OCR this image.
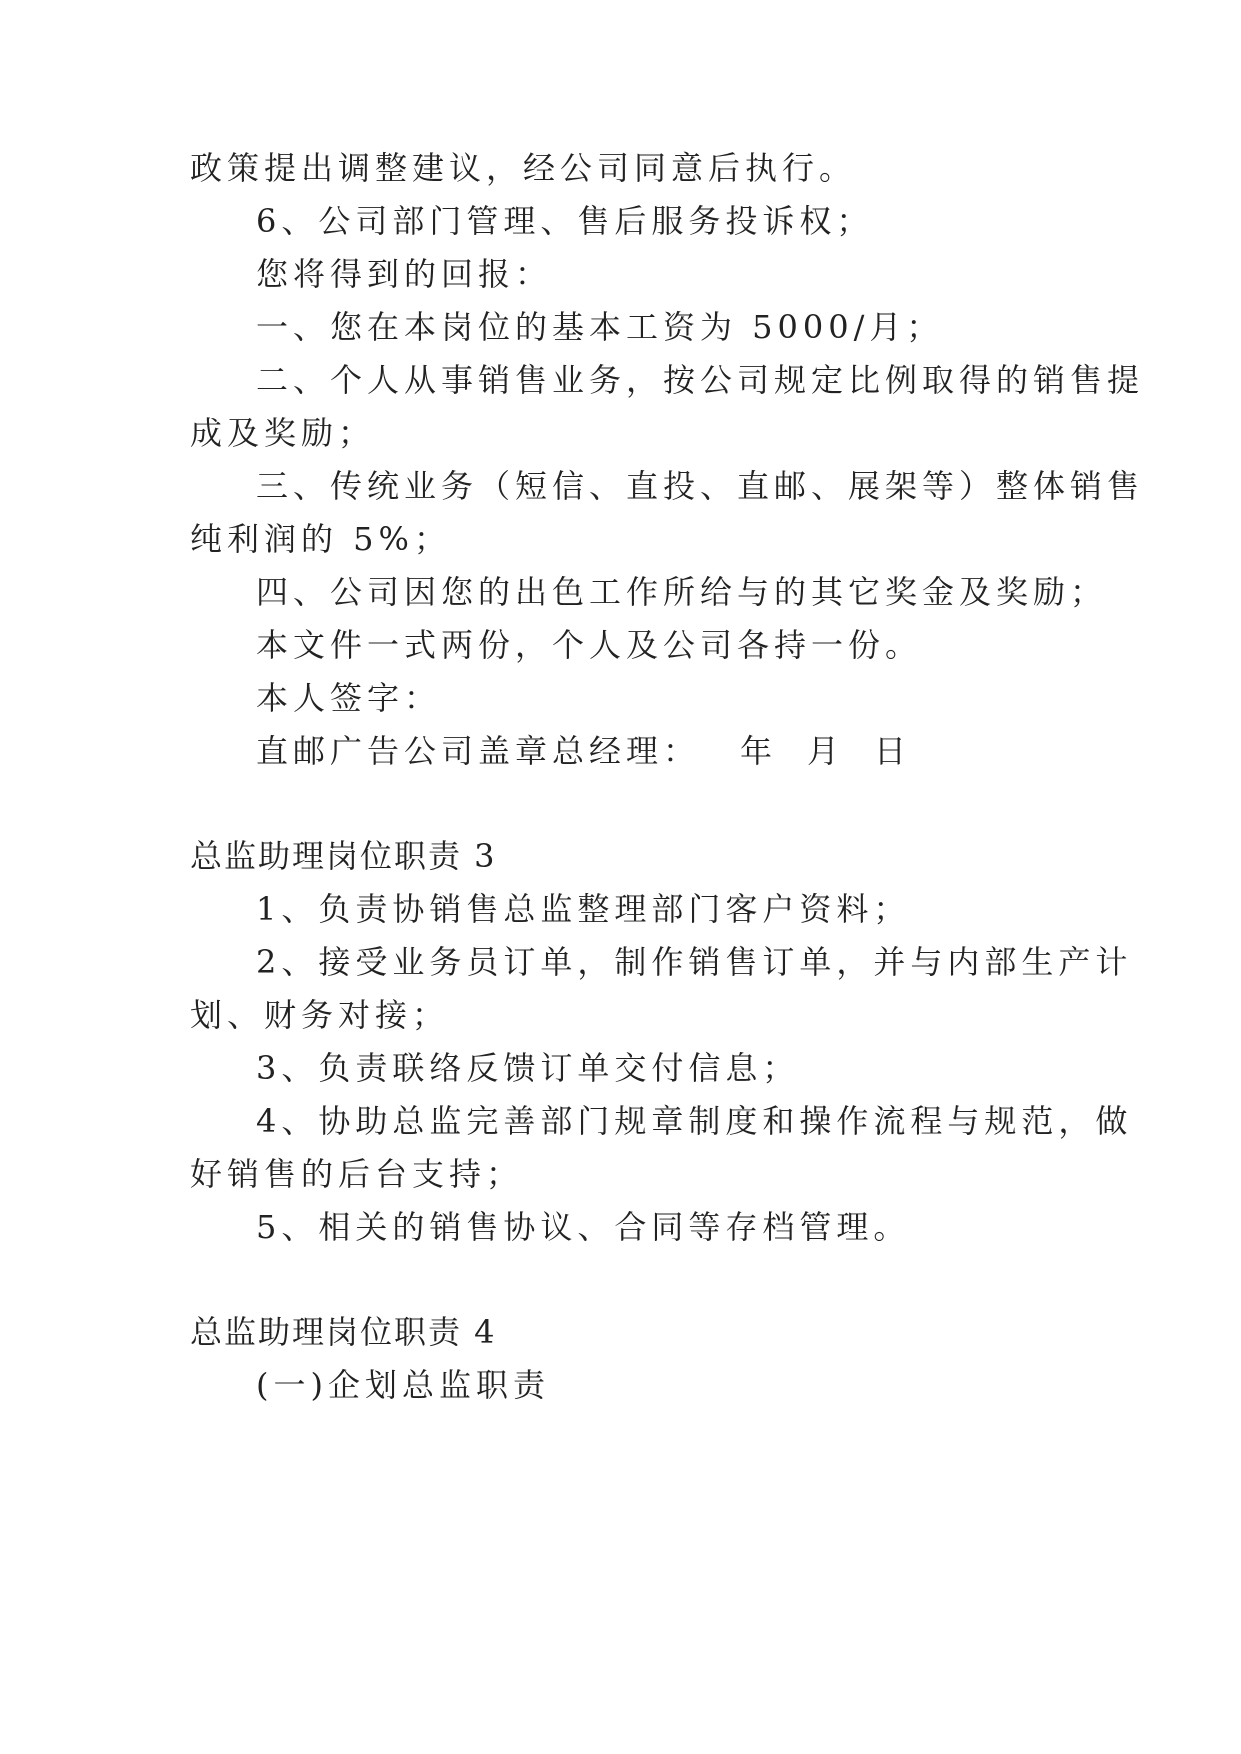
政策提出调整建议，经公司同意后执行。
6、公司部门管理、售后服务投诉权；
您将得到的回报：
一、您在本岗位的基本工资为 5000/月；
二、个人从事销售业务，按公司规定比例取得的销售提
成及奖励；
三、传统业务（短信、直投、直邮、展架等）整体销售
纯利润的 5%；
四、公司因您的出色工作所给与的其它奖金及奖励；
本文件一式两份，个人及公司各持一份。
本人签字：
直邮广告公司盖章总经理： 年 月 日
总监助理岗位职责 3
1、负责协销售总监整理部门客户资料；
2、接受业务员订单，制作销售订单，并与内部生产计
划、财务对接；
3、负责联络反馈订单交付信息；
4、协助总监完善部门规章制度和操作流程与规范，做
好销售的后台支持；
5、相关的销售协议、合同等存档管理。
总监助理岗位职责 4
(一)企划总监职责
